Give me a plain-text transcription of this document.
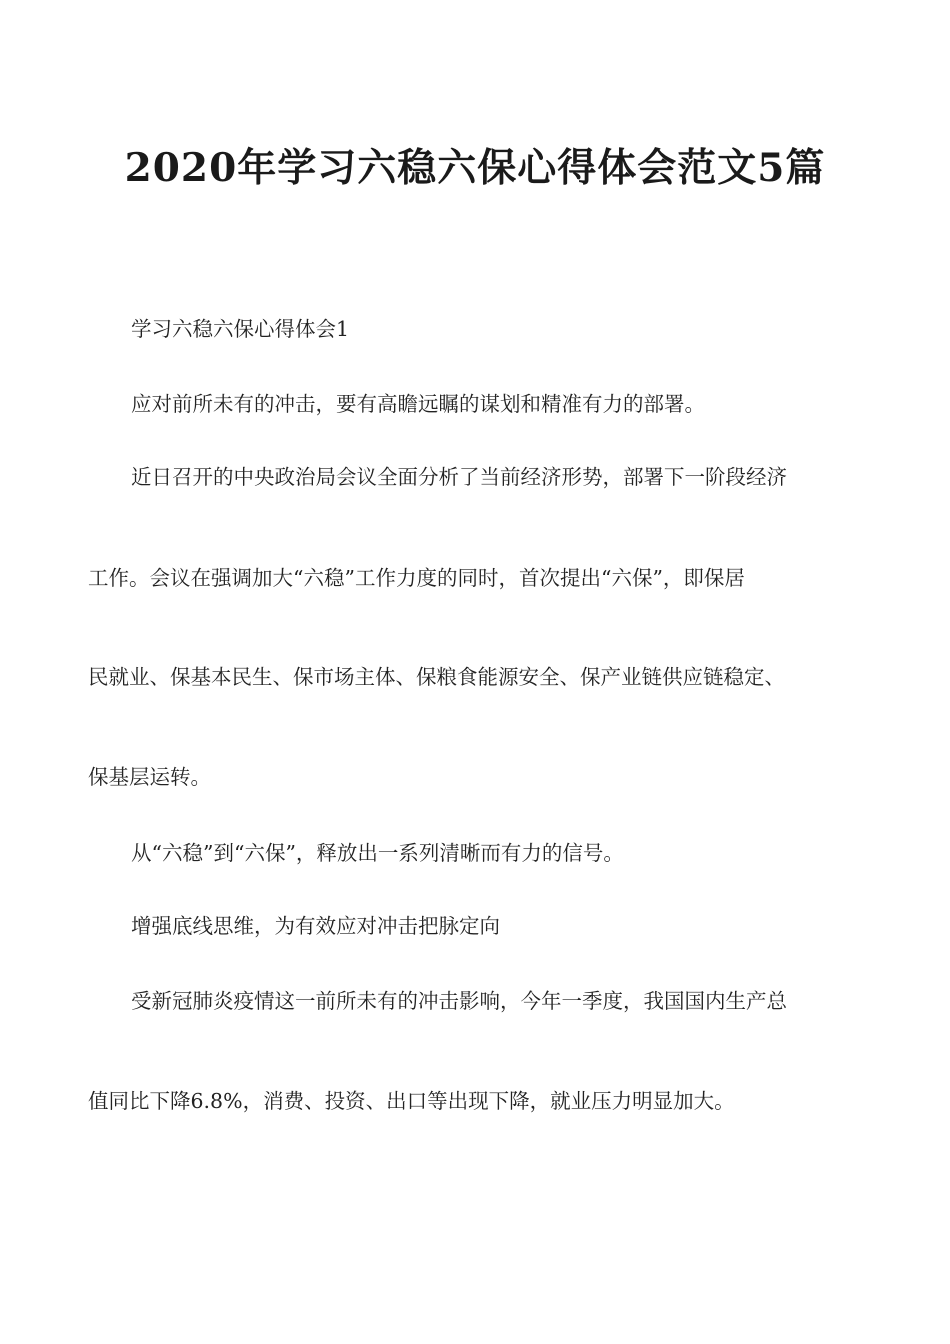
2020年学习六稳六保心得体会范文5篇

学习六稳六保心得体会1

应对前所未有的冲击，要有高瞻远瞩的谋划和精准有力的部署。

近日召开的中央政治局会议全面分析了当前经济形势，部署下一阶段经济

工作。会议在强调加大“六稳”工作力度的同时，首次提出“六保”，即保居

民就业、保基本民生、保市场主体、保粮食能源安全、保产业链供应链稳定、

保基层运转。

从“六稳”到“六保”，释放出一系列清晰而有力的信号。

增强底线思维，为有效应对冲击把脉定向

受新冠肺炎疫情这一前所未有的冲击影响，今年一季度，我国国内生产总

值同比下降6.8%，消费、投资、出口等出现下降，就业压力明显加大。
